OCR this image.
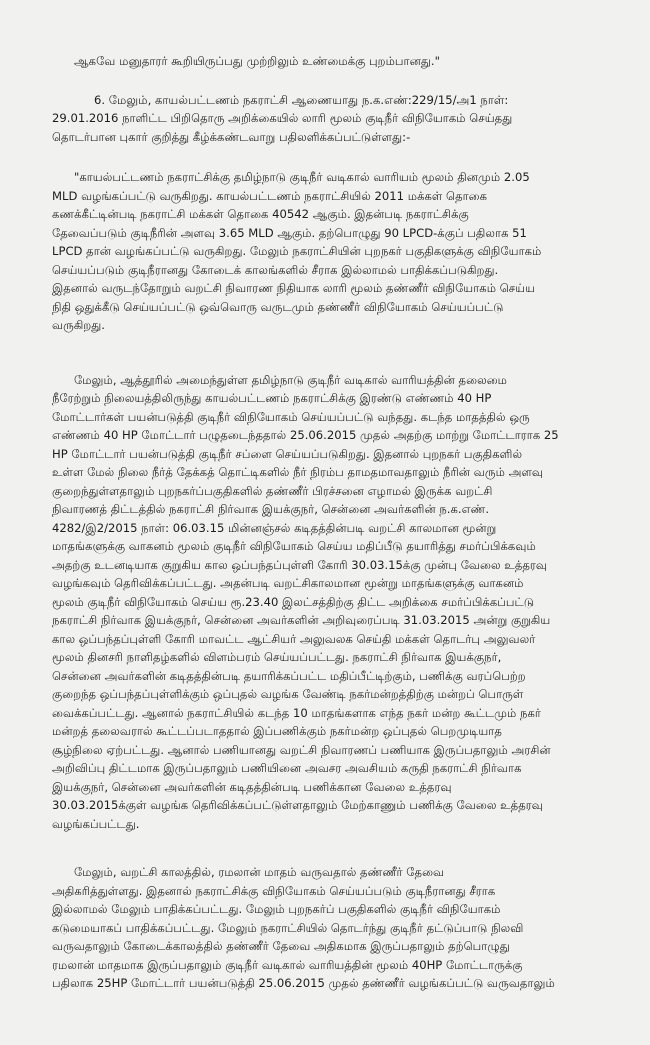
ஆகவே மனுதாரர் கூறியிருப்பது முற்றிலும் உண்மைக்கு புறம்பானது."

6. மேலும், காயல்பட்டணம் நகராட்சி ஆணையாது ந.க.எண்:229/15/அ1 நாள்:
29.01.2016 நாளிட்ட பிறிதொரு அறிக்கையில் லாரி மூலம் குடிநீர் விநியோகம் செய்தது
தொடர்பான புகார் குறித்து கீழ்க்கண்டவாறு பதிலளிக்கப்பட்டுள்ளது:-

"காயல்பட்டணம் நகராட்சிக்கு தமிழ்நாடு குடிநீர் வடிகால் வாரியம் மூலம் தினமும் 2.05
MLD வழங்கப்பட்டு வருகிறது. காயல்பட்டணம் நகராட்சியில் 2011 மக்கள் தொகை
கணக்கீட்டின்படி நகராட்சி மக்கள் தொகை 40542 ஆகும். இதன்படி நகராட்சிக்கு
தேவைப்படும் குடிநீரின் அளவு 3.65 MLD ஆகும். தற்பொழுது 90 LPCD-க்குப் பதிலாக 51
LPCD தான் வழங்கப்பட்டு வருகிறது. மேலும் நகராட்சியின் புறநகர் பகுதிகளுக்கு விநியோகம்
செய்யப்படும் குடிநீரானது கோடைக் காலங்களில் சீராக இல்லாமல் பாதிக்கப்படுகிறது.
இதனால் வருடந்தோறும் வறட்சி நிவாரண நிதியாக லாரி மூலம் தண்ணீர் விநியோகம் செய்ய
நிதி ஒதுக்கீடு செய்யப்பட்டு ஒவ்வொரு வருடமும் தண்ணீர் விநியோகம் செய்யப்பட்டு
வருகிறது.

மேலும், ஆத்தூரில் அமைந்துள்ள தமிழ்நாடு குடிநீர் வடிகால் வாரியத்தின் தலைமை
நீரேற்றும் நிலையத்திலிருந்து காயல்பட்டணம் நகராட்சிக்கு இரண்டு எண்ணம் 40 HP
மோட்டார்கள் பயன்படுத்தி குடிநீர் விநியோகம் செய்யப்பட்டு வந்தது. கடந்த மாதத்தில் ஒரு
எண்ணம் 40 HP மோட்டார் பழுதடைந்ததால் 25.06.2015 முதல் அதற்கு மாற்று மோட்டாராக 25
HP மோட்டார் பயன்படுத்தி குடிநீர் சப்ளை செய்யப்படுகிறது. இதனால் புறநகர் பகுதிகளில்
உள்ள மேல் நிலை நீர்த் தேக்கத் தொட்டிகளில் நீர் நிரம்ப தாமதமாவதாலும் நீரின் வரும் அளவு
குறைந்துள்ளதாலும் புறநகர்ப்பகுதிகளில் தண்ணீர் பிரச்சனை எழாமல் இருக்க வறட்சி
நிவாரணத் திட்டத்தில் நகராட்சி நிர்வாக இயக்குநர், சென்னை அவர்களின் ந.க.எண்.
4282/இ2/2015 நாள்: 06.03.15 மின்னஞ்சல் கடிதத்தின்படி வறட்சி காலமான மூன்று
மாதங்களுக்கு வாகனம் மூலம் குடிநீர் விநியோகம் செய்ய மதிப்பீடு தயாரித்து சமர்ப்பிக்கவும்
அதற்கு உடனடியாக குறுகிய கால ஒப்பந்தப்புள்ளி கோரி 30.03.15க்கு முன்பு வேலை உத்தரவு
வழங்கவும் தெரிவிக்கப்பட்டது. அதன்படி வறட்சிகாலமான மூன்று மாதங்களுக்கு வாகனம்
மூலம் குடிநீர் விநியோகம் செய்ய ரூ.23.40 இலட்சத்திற்கு திட்ட அறிக்கை சமர்ப்பிக்கப்பட்டு
நகராட்சி நிர்வாக இயக்குநர், சென்னை அவர்களின் அறிவுரைப்படி 31.03.2015 அன்று குறுகிய
கால ஒப்பந்தப்புள்ளி கோரி மாவட்ட ஆட்சியர் அலுவலக செய்தி மக்கள் தொடர்பு அலுவலர்
மூலம் தினசரி நாளிதழ்களில் விளம்பரம் செய்யப்பட்டது. நகராட்சி நிர்வாக இயக்குநர்,
சென்னை அவர்களின் கடிதத்தின்படி தயாரிக்கப்பட்ட மதிப்பீட்டிற்கும், பணிக்கு வரப்பெற்ற
குறைந்த ஒப்பந்தப்புள்ளிக்கும் ஒப்புதல் வழங்க வேண்டி நகர்மன்றத்திற்கு மன்றப் பொருள்
வைக்கப்பட்டது. ஆனால் நகராட்சியில் கடந்த 10 மாதங்களாக எந்த நகர் மன்ற கூட்டமும் நகர்
மன்றத் தலைவரால் கூட்டப்படாததால் இப்பணிக்கும் நகர்மன்ற ஒப்புதல் பெறமுடியாத
சூழ்நிலை ஏற்பட்டது. ஆனால் பணியானது வறட்சி நிவாரணப் பணியாக இருப்பதாலும் அரசின்
அறிவிப்பு திட்டமாக இருப்பதாலும் பணியினை அவசர அவசியம் கருதி நகராட்சி நிர்வாக
இயக்குநர், சென்னை அவர்களின் கடிதத்தின்படி பணிக்கான வேலை உத்தரவு
30.03.2015க்குள் வழங்க தெரிவிக்கப்பட்டுள்ளதாலும் மேற்காணும் பணிக்கு வேலை உத்தரவு
வழங்கப்பட்டது.

மேலும், வறட்சி காலத்தில், ரமலான் மாதம் வருவதால் தண்ணீர் தேவை
அதிகரித்துள்ளது. இதனால் நகராட்சிக்கு விநியோகம் செய்யப்படும் குடிநீரானது சீராக
இல்லாமல் மேலும் பாதிக்கப்பட்டது. மேலும் புறநகர்ப் பகுதிகளில் குடிநீர் விநியோகம்
கடுமையாகப் பாதிக்கப்பட்டது. மேலும் நகராட்சியில் தொடர்ந்து குடிநீர் தட்டுப்பாடு நிலவி
வருவதாலும் கோடைக்காலத்தில் தண்ணீர் தேவை அதிகமாக இருப்பதாலும் தற்பொழுது
ரமலான் மாதமாக இருப்பதாலும் குடிநீர் வடிகால் வாரியத்தின் மூலம் 40HP மோட்டாருக்கு
பதிலாக 25HP மோட்டார் பயன்படுத்தி 25.06.2015 முதல் தண்ணீர் வழங்கப்பட்டு வருவதாலும்
